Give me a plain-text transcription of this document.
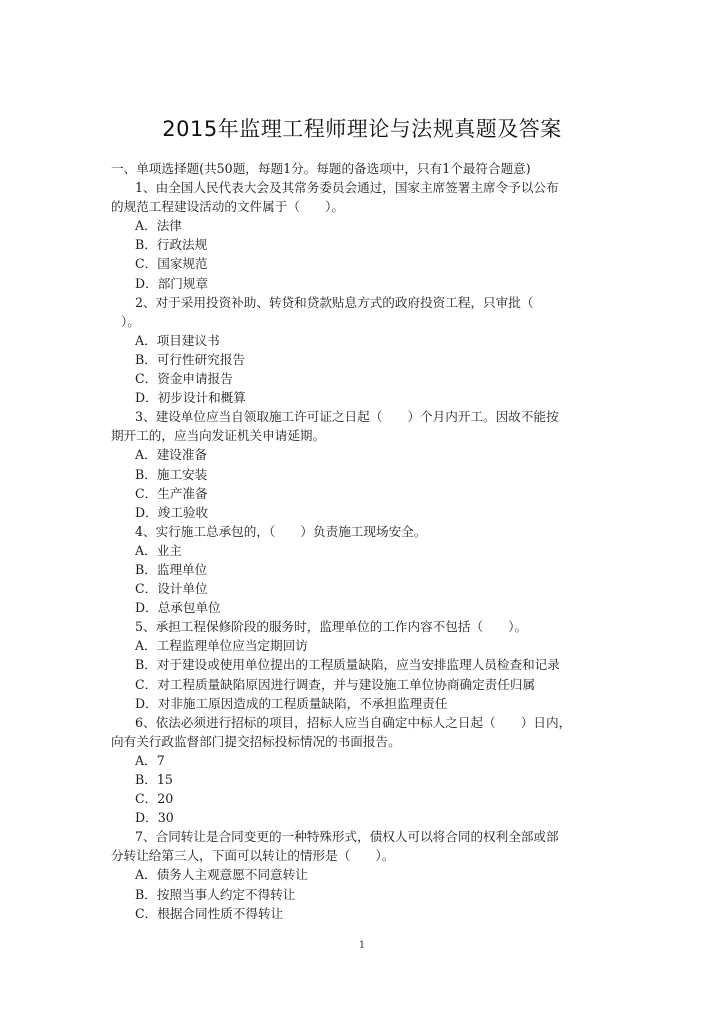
2015年监理工程师理论与法规真题及答案
一、单项选择题(共50题，每题1分。每题的备选项中，只有1个最符合题意)
1、由全国人民代表大会及其常务委员会通过，国家主席签署主席令予以公布
的规范工程建设活动的文件属于（　　）。
A．法律
B．行政法规
C．国家规范
D．部门规章
2、对于采用投资补助、转贷和贷款贴息方式的政府投资工程，只审批（
）。
A．项目建议书
B．可行性研究报告
C．资金申请报告
D．初步设计和概算
3、建设单位应当自领取施工许可证之日起（　　）个月内开工。因故不能按
期开工的，应当向发证机关申请延期。
A．建设准备
B．施工安装
C．生产准备
D．竣工验收
4、实行施工总承包的，（　　）负责施工现场安全。
A．业主
B．监理单位
C．设计单位
D．总承包单位
5、承担工程保修阶段的服务时，监理单位的工作内容不包括（　　）。
A．工程监理单位应当定期回访
B．对于建设或使用单位提出的工程质量缺陷，应当安排监理人员检查和记录
C．对工程质量缺陷原因进行调查，并与建设施工单位协商确定责任归属
D．对非施工原因造成的工程质量缺陷，不承担监理责任
6、依法必须进行招标的项目，招标人应当自确定中标人之日起（　　）日内，
向有关行政监督部门提交招标投标情况的书面报告。
A．7
B．15
C．20
D．30
7、合同转让是合同变更的一种特殊形式，债权人可以将合同的权利全部或部
分转让给第三人，下面可以转让的情形是（　　）。
A．债务人主观意愿不同意转让
B．按照当事人约定不得转让
C．根据合同性质不得转让
1
